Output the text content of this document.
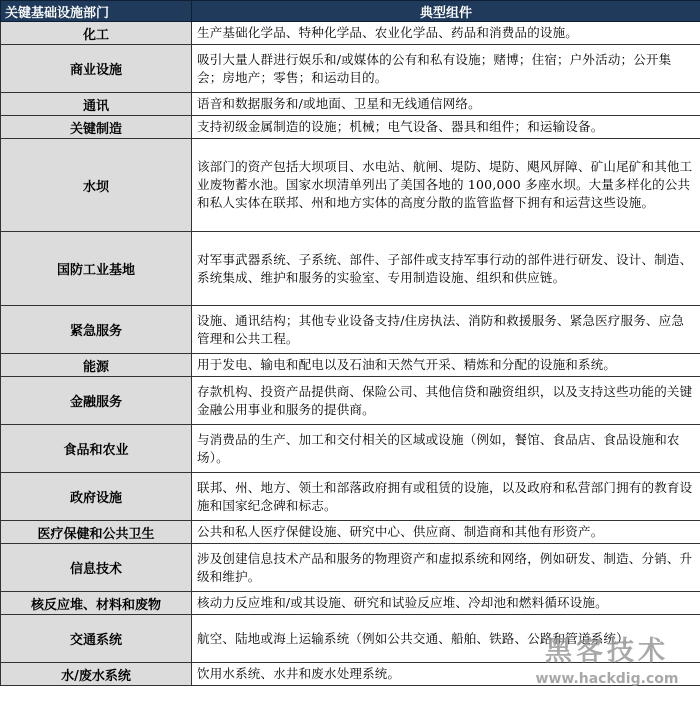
关键基础设施部门	典型组件
化工	生产基础化学品、特种化学品、农业化学品、药品和消费品的设施。
商业设施	吸引大量人群进行娱乐和/或媒体的公有和私有设施；赌博；住宿；户外活动；公开集会；房地产；零售；和运动目的。
通讯	语音和数据服务和/或地面、卫星和无线通信网络。
关键制造	支持初级金属制造的设施；机械；电气设备、器具和组件；和运输设备。
水坝	该部门的资产包括大坝项目、水电站、航闸、堤防、堤防、飓风屏障、矿山尾矿和其他工业废物蓄水池。国家水坝清单列出了美国各地的 100,000 多座水坝。大量多样化的公共和私人实体在联邦、州和地方实体的高度分散的监管监督下拥有和运营这些设施。
国防工业基地	对军事武器系统、子系统、部件、子部件或支持军事行动的部件进行研发、设计、制造、系统集成、维护和服务的实验室、专用制造设施、组织和供应链。
紧急服务	设施、通讯结构；其他专业设备支持/住房执法、消防和救援服务、紧急医疗服务、应急管理和公共工程。
能源	用于发电、输电和配电以及石油和天然气开采、精炼和分配的设施和系统。
金融服务	存款机构、投资产品提供商、保险公司、其他信贷和融资组织，以及支持这些功能的关键金融公用事业和服务的提供商。
食品和农业	与消费品的生产、加工和交付相关的区域或设施（例如，餐馆、食品店、食品设施和农场）。
政府设施	联邦、州、地方、领土和部落政府拥有或租赁的设施，以及政府和私营部门拥有的教育设施和国家纪念碑和标志。
医疗保健和公共卫生	公共和私人医疗保健设施、研究中心、供应商、制造商和其他有形资产。
信息技术	涉及创建信息技术产品和服务的物理资产和虚拟系统和网络，例如研发、制造、分销、升级和维护。
核反应堆、材料和废物	核动力反应堆和/或其设施、研究和试验反应堆、冷却池和燃料循环设施。
交通系统	航空、陆地或海上运输系统（例如公共交通、船舶、铁路、公路和管道系统）。
水/废水系统	饮用水系统、水井和废水处理系统。
黑客技术
www.hackdig.com
